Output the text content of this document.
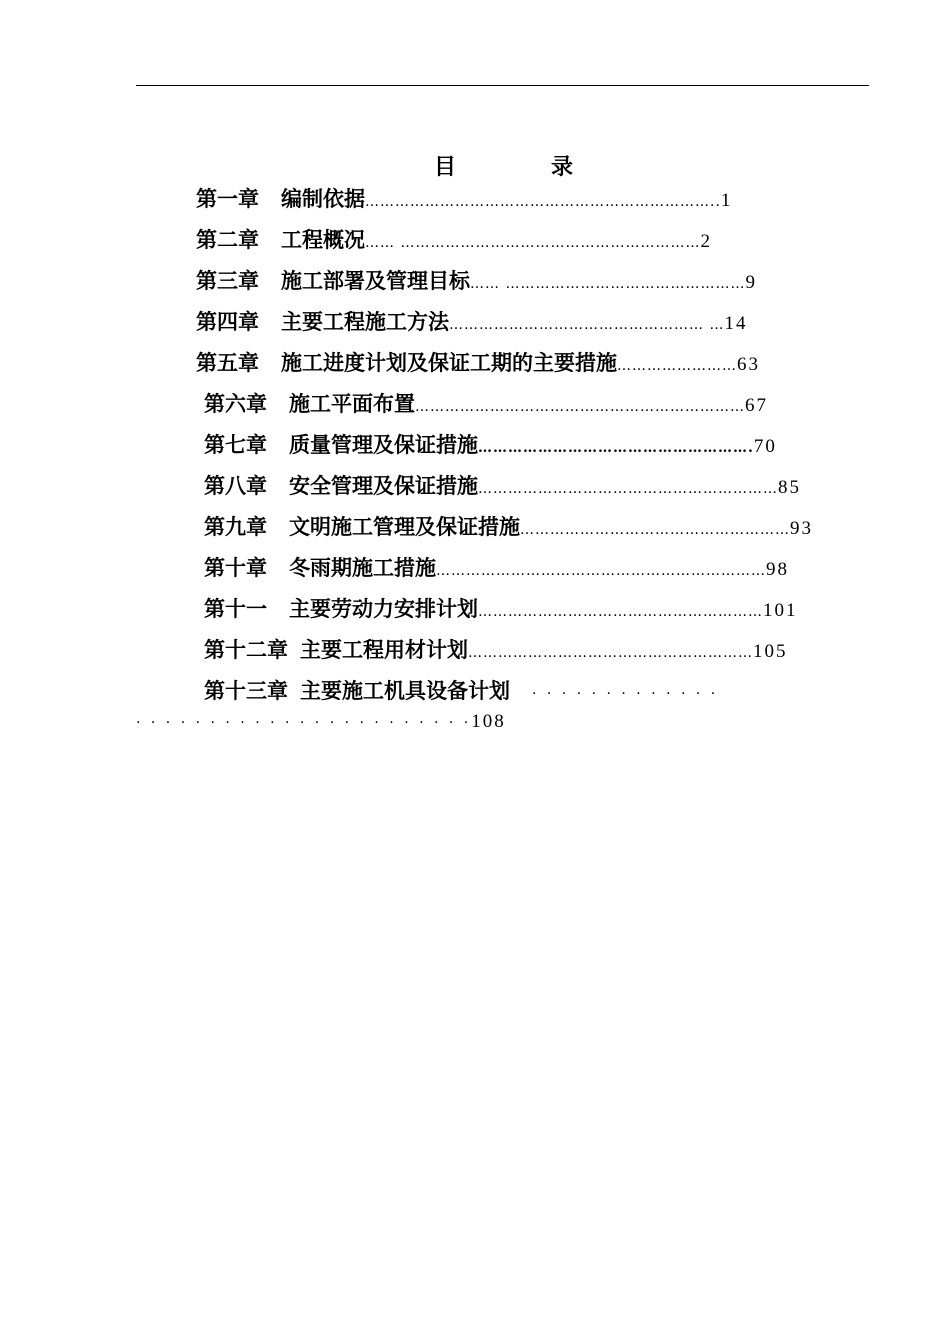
目	录
第一章 编制依据……………………………………………………………..1
第二章 工程概况…… ……………………………………………………2
第三章 施工部署及管理目标…… …………………………………………9
第四章 主要工程施工方法…………………………………………… …14
第五章 施工进度计划及保证工期的主要措施……………………63
第六章 施工平面布置…………………………………………………………67
第七章 质量管理及保证措施……………………………………………….70
第八章 安全管理及保证措施……………………………………………………85
第九章 文明施工管理及保证措施………………………………………………93
第十章 冬雨期施工措施…………………………………………………………98
第十一 主要劳动力安排计划…………………………………………………101
第十二章 主要工程用材计划…………………………………………………105
第十三章 主要施工机具设备计划 · · · · · · · · · · · · ·
· · · · · · · · · · · · · · · · · · · · · · ·108
